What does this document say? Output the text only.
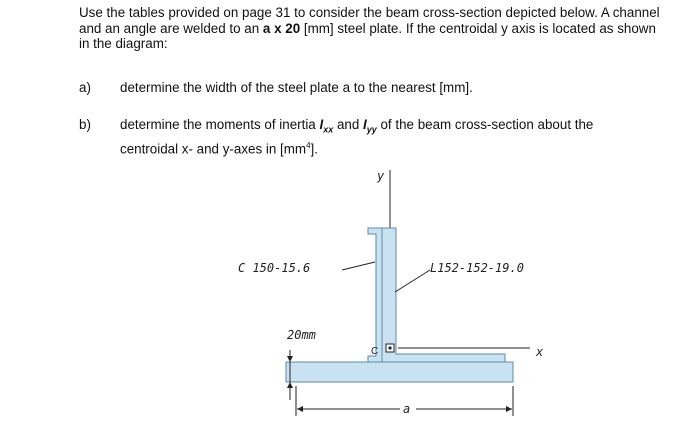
Use the tables provided on page 31 to consider the beam cross-section depicted below. A channel and an angle are welded to an a x 20 [mm] steel plate. If the centroidal y axis is located as shown in the diagram:

a) determine the width of the steel plate a to the nearest [mm].

b) determine the moments of inertia $I_{xx}$ and $I_{yy}$ of the beam cross-section about the centroidal x- and y-axes in $[mm^4]$.

y
x
C
C 150-15.6	L152-152-19.0
20mm
a
